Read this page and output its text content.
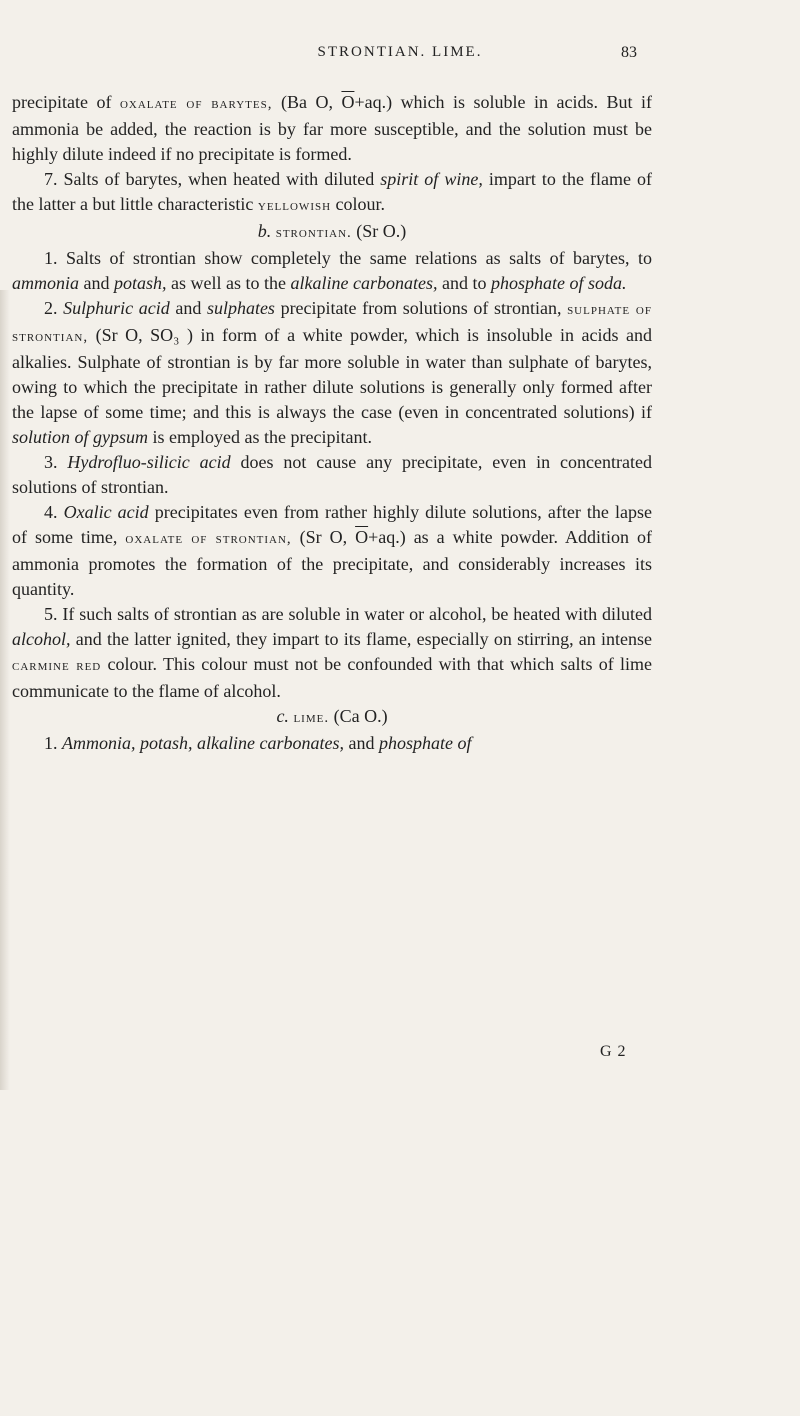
STRONTIAN. LIME.	83

precipitate of oxalate of barytes, (Ba O, $\overline{O}+aq$.) which is soluble in acids. But if ammonia be added, the reaction is by far more susceptible, and the solution must be highly dilute indeed if no precipitate is formed.

7. Salts of barytes, when heated with diluted spirit of wine, impart to the flame of the latter a but little characteristic yellowish colour.

b. strontian. (Sr O.)

1. Salts of strontian show completely the same relations as salts of barytes, to ammonia and potash, as well as to the alkaline carbonates, and to phosphate of soda.

2. Sulphuric acid and sulphates precipitate from solutions of strontian, sulphate of strontian, (Sr O, SO₃ ) in form of a white powder, which is insoluble in acids and alkalies. Sulphate of strontian is by far more soluble in water than sulphate of barytes, owing to which the precipitate in rather dilute solutions is generally only formed after the lapse of some time; and this is always the case (even in concentrated solutions) if solution of gypsum is employed as the precipitant.

3. Hydrofluo-silicic acid does not cause any precipitate, even in concentrated solutions of strontian.

4. Oxalic acid precipitates even from rather highly dilute solutions, after the lapse of some time, oxalate of strontian, (Sr O, $\overline{O}+aq$.) as a white powder. Addition of ammonia promotes the formation of the precipitate, and considerably increases its quantity.

5. If such salts of strontian as are soluble in water or alcohol, be heated with diluted alcohol, and the latter ignited, they impart to its flame, especially on stirring, an intense carmine red colour. This colour must not be confounded with that which salts of lime communicate to the flame of alcohol.

c. lime. (Ca O.)

1. Ammonia, potash, alkaline carbonates, and phosphate of

G 2
